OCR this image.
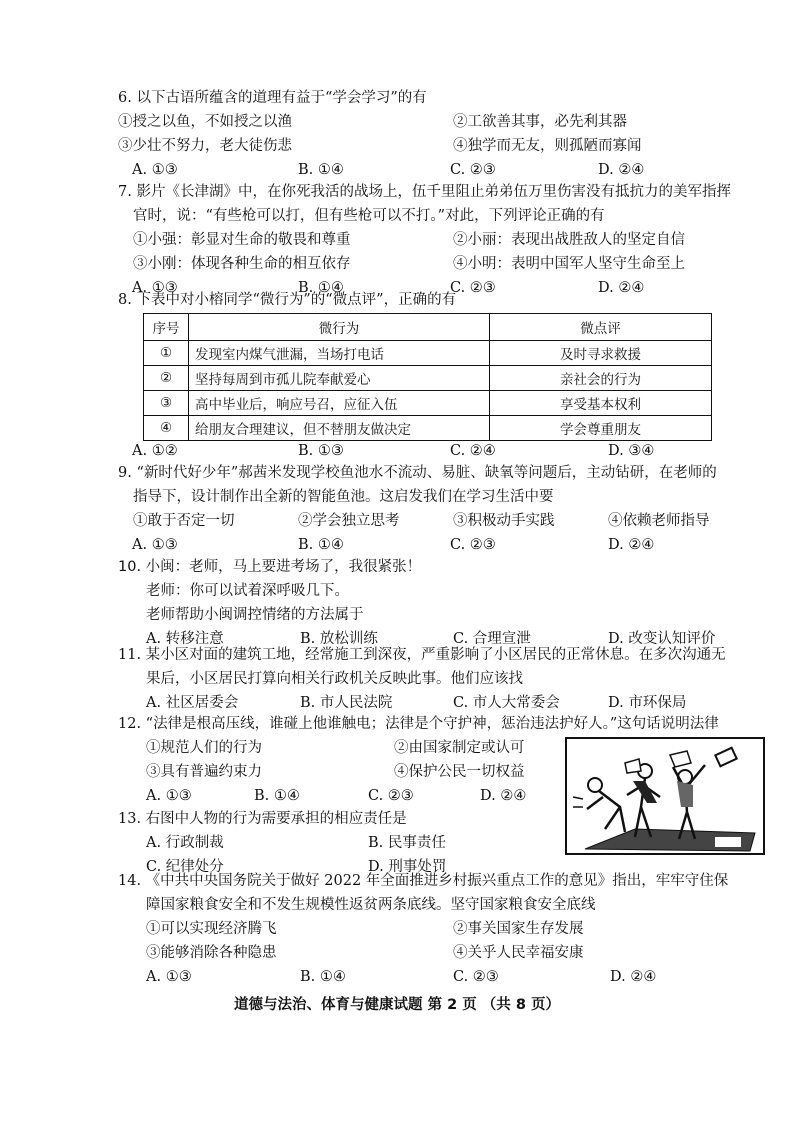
6. 以下古语所蕴含的道理有益于“学会学习”的有
①授之以鱼，不如授之以渔	②工欲善其事，必先利其器
③少壮不努力，老大徒伤悲	④独学而无友，则孤陋而寡闻
A. ①③	B. ①④	C. ②③	D. ②④
7. 影片《长津湖》中，在你死我活的战场上，伍千里阻止弟弟伍万里伤害没有抵抗力的美军指挥
官时，说：“有些枪可以打，但有些枪可以不打。”对此，下列评论正确的有
①小强：彰显对生命的敬畏和尊重	②小丽：表现出战胜敌人的坚定自信
③小刚：体现各种生命的相互依存	④小明：表明中国军人坚守生命至上
A. ①③	B. ①④	C. ②③	D. ②④
8. 下表中对小榕同学“微行为”的“微点评”，正确的有
序号	微行为	微点评
①	发现室内煤气泄漏，当场打电话	及时寻求救援
②	坚持每周到市孤儿院奉献爱心	亲社会的行为
③	高中毕业后，响应号召，应征入伍	享受基本权利
④	给朋友合理建议，但不替朋友做决定	学会尊重朋友
A. ①②	B. ①③	C. ②④	D. ③④
9. “新时代好少年”郝茜米发现学校鱼池水不流动、易脏、缺氧等问题后，主动钻研，在老师的
指导下，设计制作出全新的智能鱼池。这启发我们在学习生活中要
①敢于否定一切	②学会独立思考	③积极动手实践	④依赖老师指导
A. ①③	B. ①④	C. ②③	D. ②④
10. 小闽：老师，马上要进考场了，我很紧张！
老师：你可以试着深呼吸几下。
老师帮助小闽调控情绪的方法属于
A. 转移注意	B. 放松训练	C. 合理宣泄	D. 改变认知评价
11. 某小区对面的建筑工地，经常施工到深夜，严重影响了小区居民的正常休息。在多次沟通无
果后，小区居民打算向相关行政机关反映此事。他们应该找
A. 社区居委会	B. 市人民法院	C. 市人大常委会	D. 市环保局
12. “法律是根高压线，谁碰上他谁触电；法律是个守护神，惩治违法护好人。”这句话说明法律
①规范人们的行为	②由国家制定或认可
③具有普遍约束力	④保护公民一切权益
A. ①③	B. ①④	C. ②③	D. ②④
13. 右图中人物的行为需要承担的相应责任是
A. 行政制裁	B. 民事责任
C. 纪律处分	D. 刑事处罚
14. 《中共中央国务院关于做好 2022 年全面推进乡村振兴重点工作的意见》指出，牢牢守住保
障国家粮食安全和不发生规模性返贫两条底线。坚守国家粮食安全底线
①可以实现经济腾飞	②事关国家生存发展
③能够消除各种隐患	④关乎人民幸福安康
A. ①③	B. ①④	C. ②③	D. ②④
道德与法治、体育与健康试题 第 2 页 （共 8 页）
